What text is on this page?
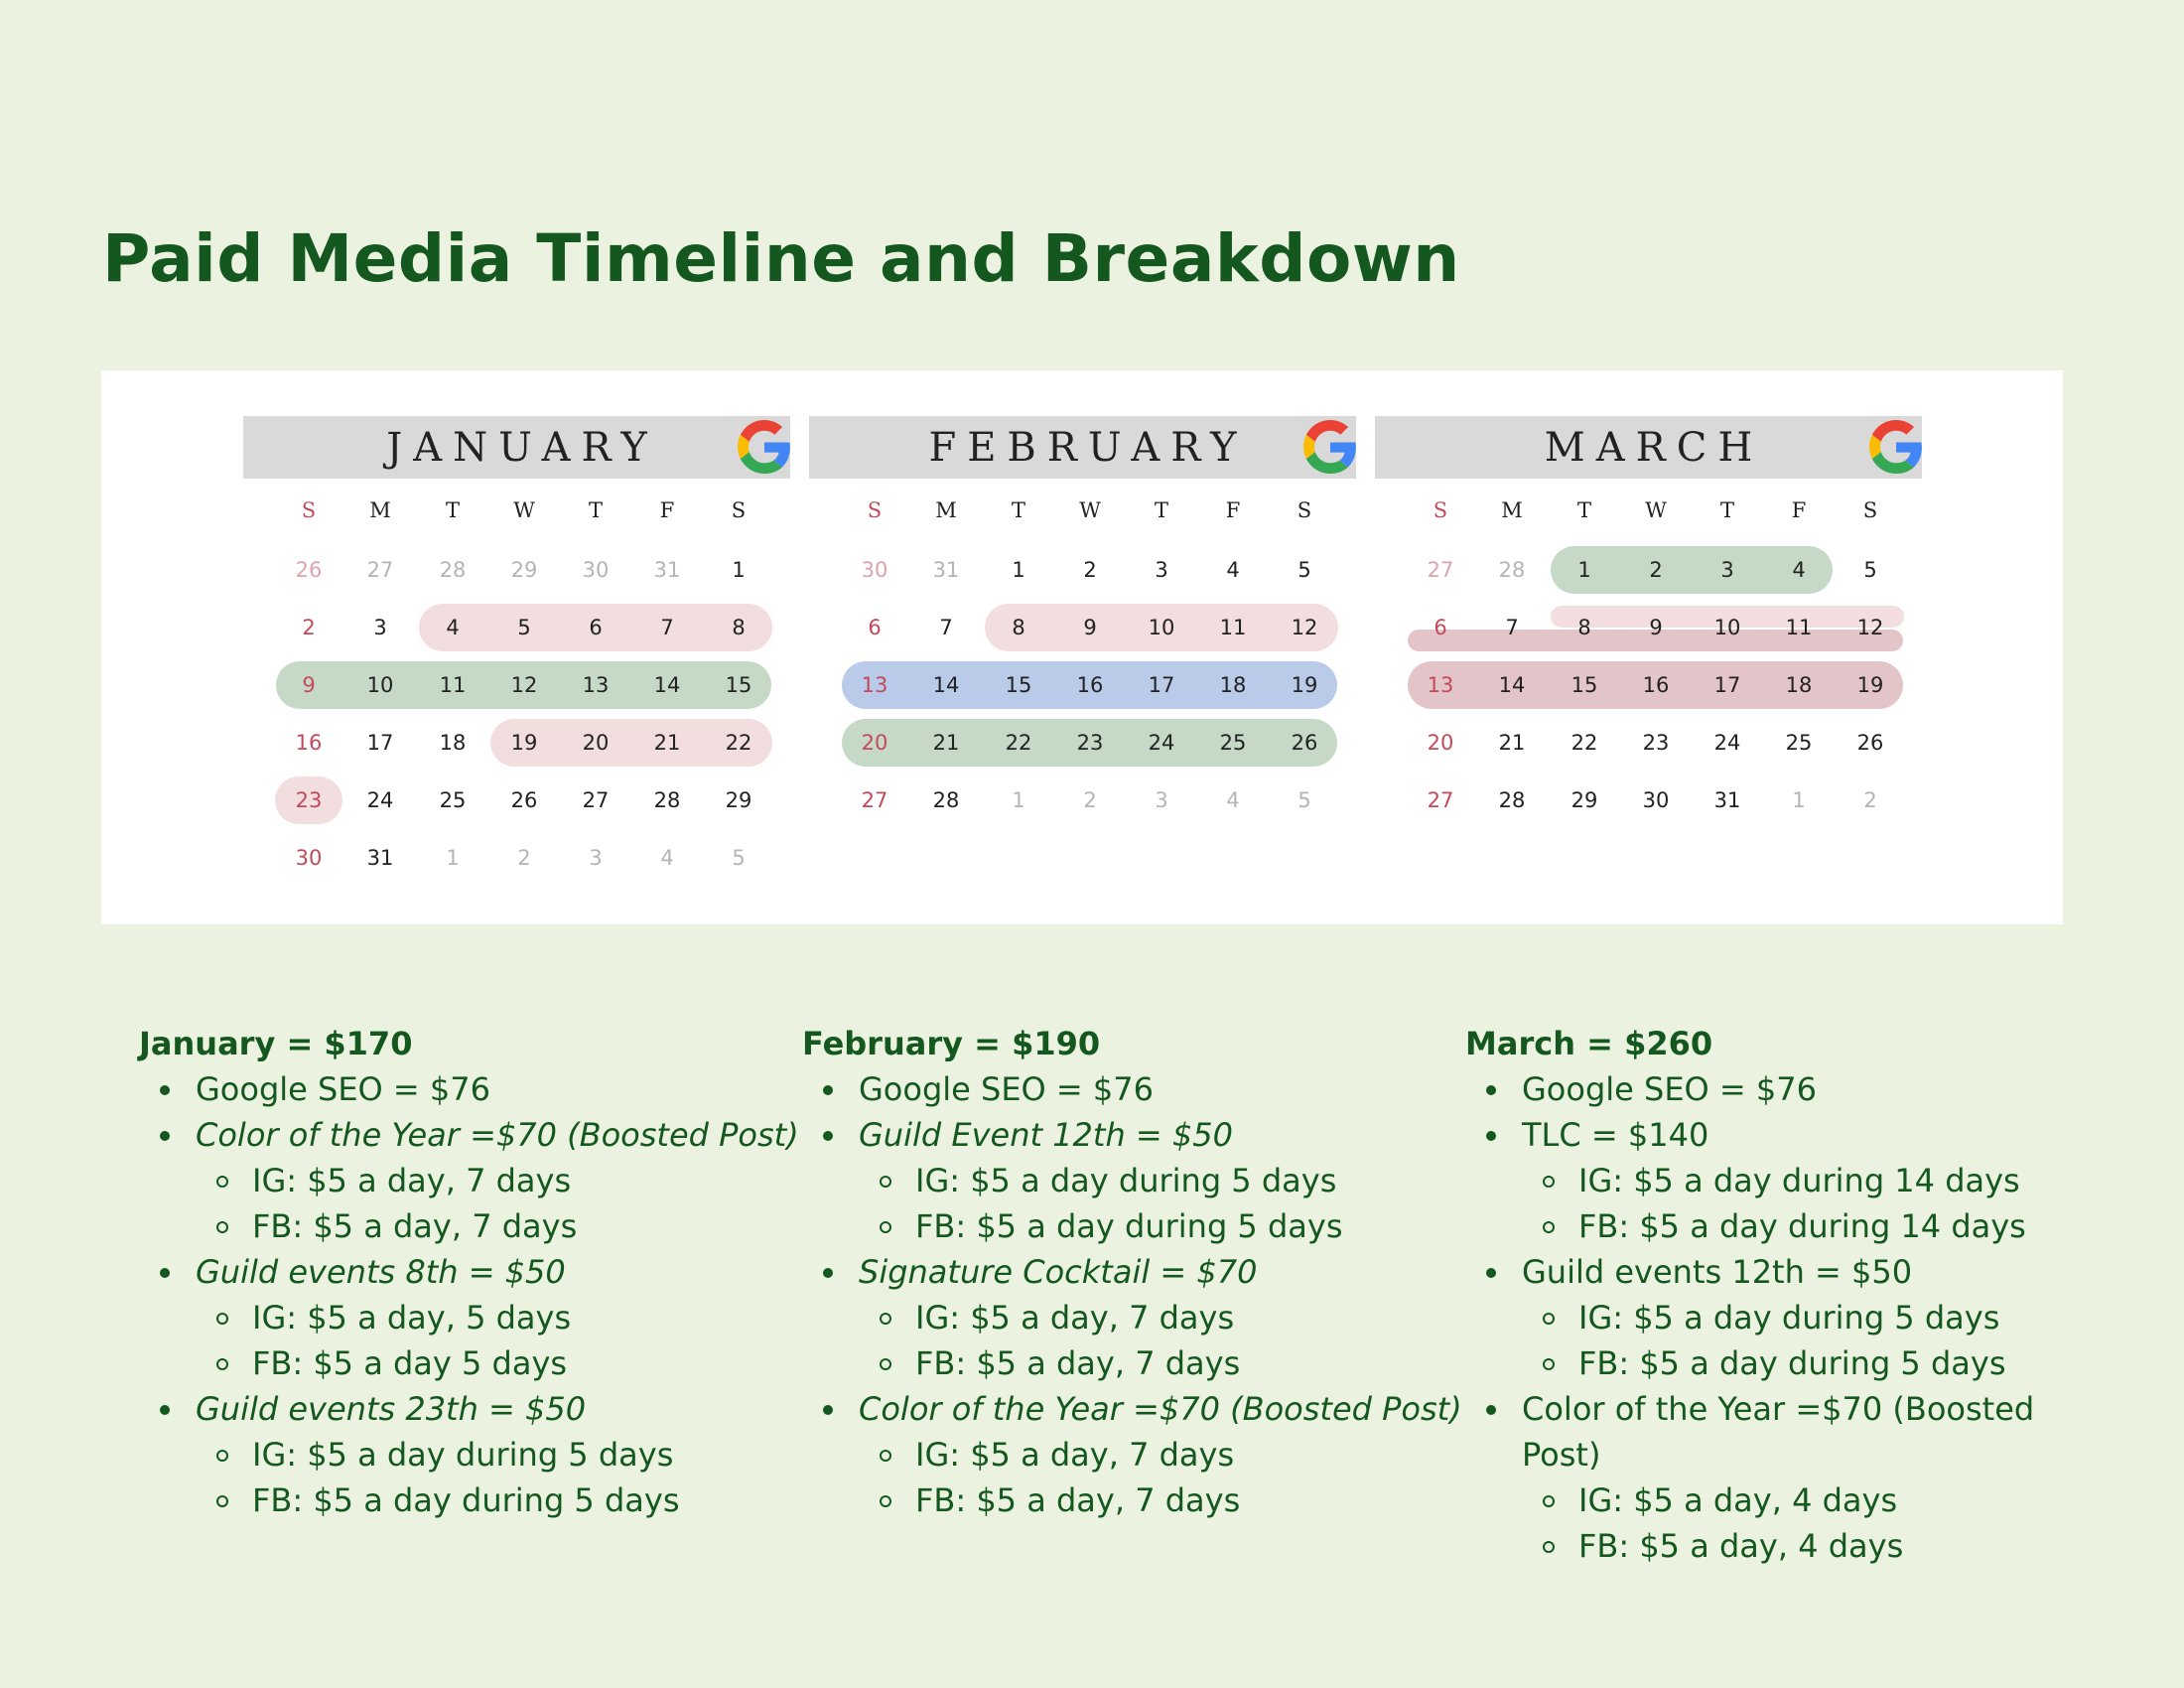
Paid Media Timeline and Breakdown
JANUARY
S	M	T	W	T	F	S
26	27	28	29	30	31	1
2	3	4	5	6	7	8
9	10	11	12	13	14	15
16	17	18	19	20	21	22
23	24	25	26	27	28	29
30	31	1	2	3	4	5
FEBRUARY
S	M	T	W	T	F	S
30	31	1	2	3	4	5
6	7	8	9	10	11	12
13	14	15	16	17	18	19
20	21	22	23	24	25	26
27	28	1	2	3	4	5
MARCH
S	M	T	W	T	F	S
27	28	1	2	3	4	5
6	7	8	9	10	11	12
13	14	15	16	17	18	19
20	21	22	23	24	25	26
27	28	29	30	31	1	2
January = $170
Google SEO = $76
Color of the Year =$70 (Boosted Post)
IG: $5 a day, 7 days
FB: $5 a day, 7 days
Guild events 8th = $50
IG: $5 a day, 5 days
FB: $5 a day 5 days
Guild events 23th = $50
IG: $5 a day during 5 days
FB: $5 a day during 5 days
February = $190
Google SEO = $76
Guild Event 12th = $50
IG: $5 a day during 5 days
FB: $5 a day during 5 days
Signature Cocktail = $70
IG: $5 a day, 7 days
FB: $5 a day, 7 days
Color of the Year =$70 (Boosted Post)
IG: $5 a day, 7 days
FB: $5 a day, 7 days
March = $260
Google SEO = $76
TLC = $140
IG: $5 a day during 14 days
FB: $5 a day during 14 days
Guild events 12th = $50
IG: $5 a day during 5 days
FB: $5 a day during 5 days
Color of the Year =$70 (Boosted Post)
IG: $5 a day, 4 days
FB: $5 a day, 4 days
